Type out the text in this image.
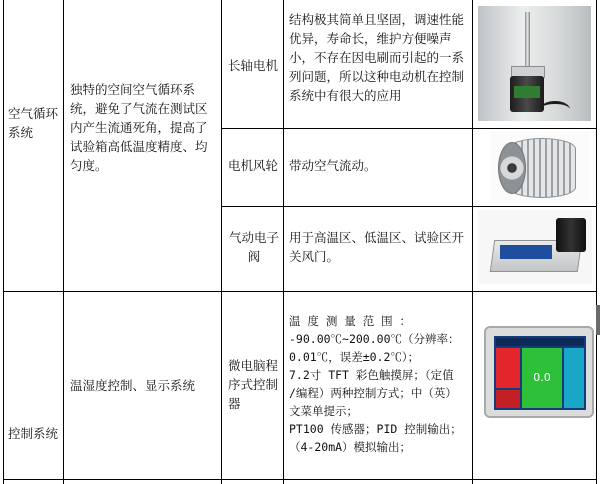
空气循环系统
独特的空间空气循环系统，避免了气流在测试区内产生流通死角，提高了试验箱高低温度精度、均匀度。
长轴电机
结构极其简单且坚固，调速性能优异，寿命长，维护方便噪声小，不存在因电刷而引起的一系列问题，所以这种电动机在控制系统中有很大的应用
电机风轮 带动空气流动。
气动电子阀
用于高温区、低温区、试验区开关风门。
控制系统
温湿度控制、显示系统
微电脑程序式控制器
温 度 测 量 范 围 ：
-90.00℃~200.00℃（分辨率：
0.01℃，误差±0.2℃）；
7.2寸 TFT 彩色触摸屏；（定值
/编程）两种控制方式；中（英）
文菜单提示；
PT100 传感器；PID 控制输出；
（4-20mA）模拟输出；
0.0
